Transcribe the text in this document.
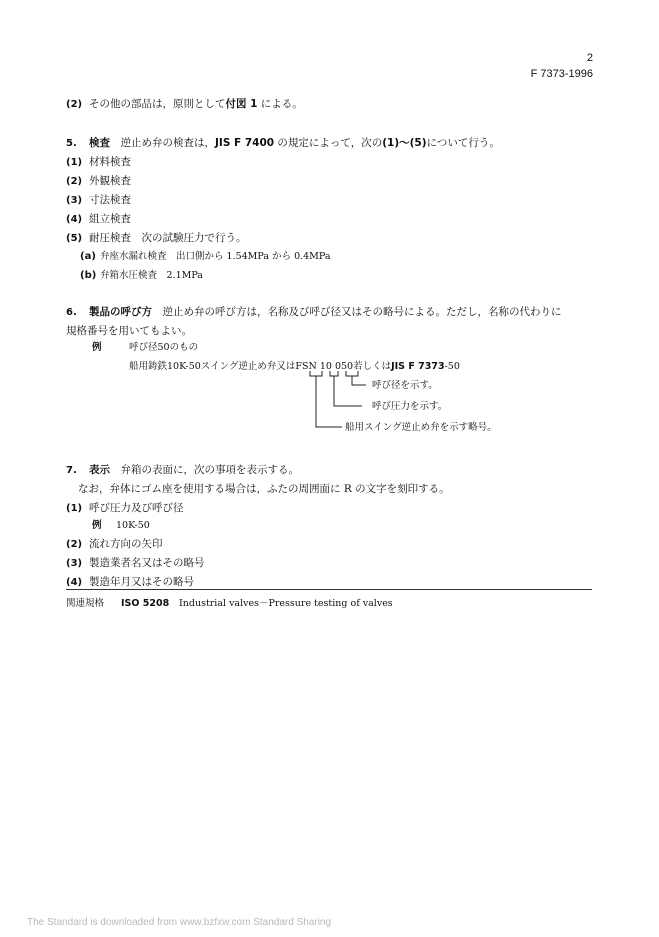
2
F 7373-1996
(2) その他の部品は，原則として付図 1 による。
5. 検査　逆止め弁の検査は，JIS F 7400 の規定によって，次の(1)～(5)について行う。
(1) 材料検査
(2) 外観検査
(3) 寸法検査
(4) 組立検査
(5) 耐圧検査　次の試験圧力で行う。
(a) 弁座水漏れ検査　出口側から 1.54MPa から 0.4MPa
(b) 弁箱水圧検査　2.1MPa
6. 製品の呼び方　逆止め弁の呼び方は，名称及び呼び径又はその略号による。ただし，名称の代わりに
規格番号を用いてもよい。
例	呼び径50のもの
船用鋳鉄10K-50スイング逆止め弁又はFSN 10 050若しくはJIS F 7373-50
呼び径を示す。
呼び圧力を示す。
船用スイング逆止め弁を示す略号。
7. 表示　弁箱の表面に，次の事項を表示する。
なお，弁体にゴム座を使用する場合は，ふたの周囲面に R の文字を刻印する。
(1) 呼び圧力及び呼び径
例 10K-50
(2) 流れ方向の矢印
(3) 製造業者名又はその略号
(4) 製造年月又はその略号
関連規格 ISO 5208 Industrial valves－Pressure testing of valves
The Standard is downloaded from www.bzfxw.com Standard Sharing
